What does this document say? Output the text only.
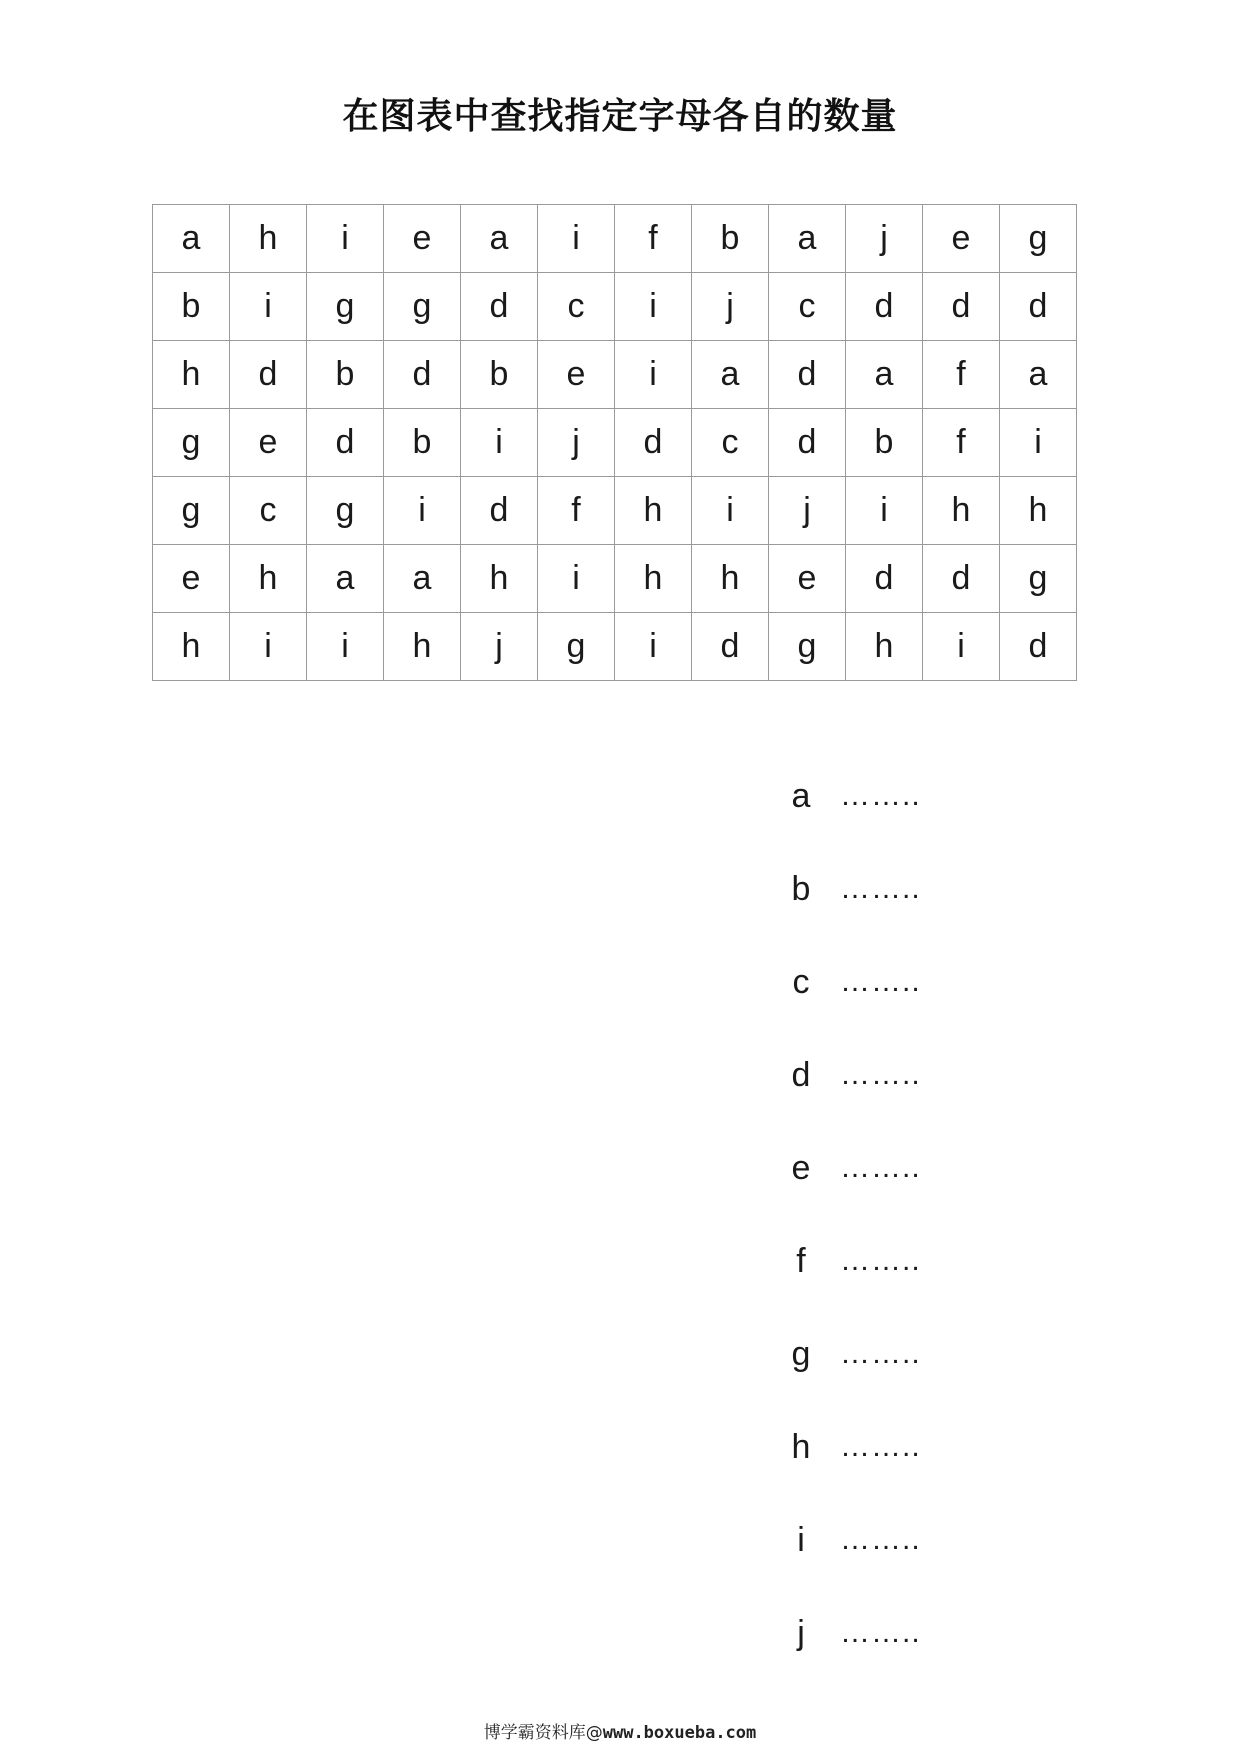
在图表中查找指定字母各自的数量
a	h	i	e	a	i	f	b	a	j	e	g
b	i	g	g	d	c	i	j	c	d	d	d
h	d	b	d	b	e	i	a	d	a	f	a
g	e	d	b	i	j	d	c	d	b	f	i
g	c	g	i	d	f	h	i	j	i	h	h
e	h	a	a	h	i	h	h	e	d	d	g
h	i	i	h	j	g	i	d	g	h	i	d
a ……..
b ……..
c	……..
d ……..
e ……..
f	……..
g ……..
h ……..
i	……..
j	……..
博学霸资料库@www.boxueba.com
